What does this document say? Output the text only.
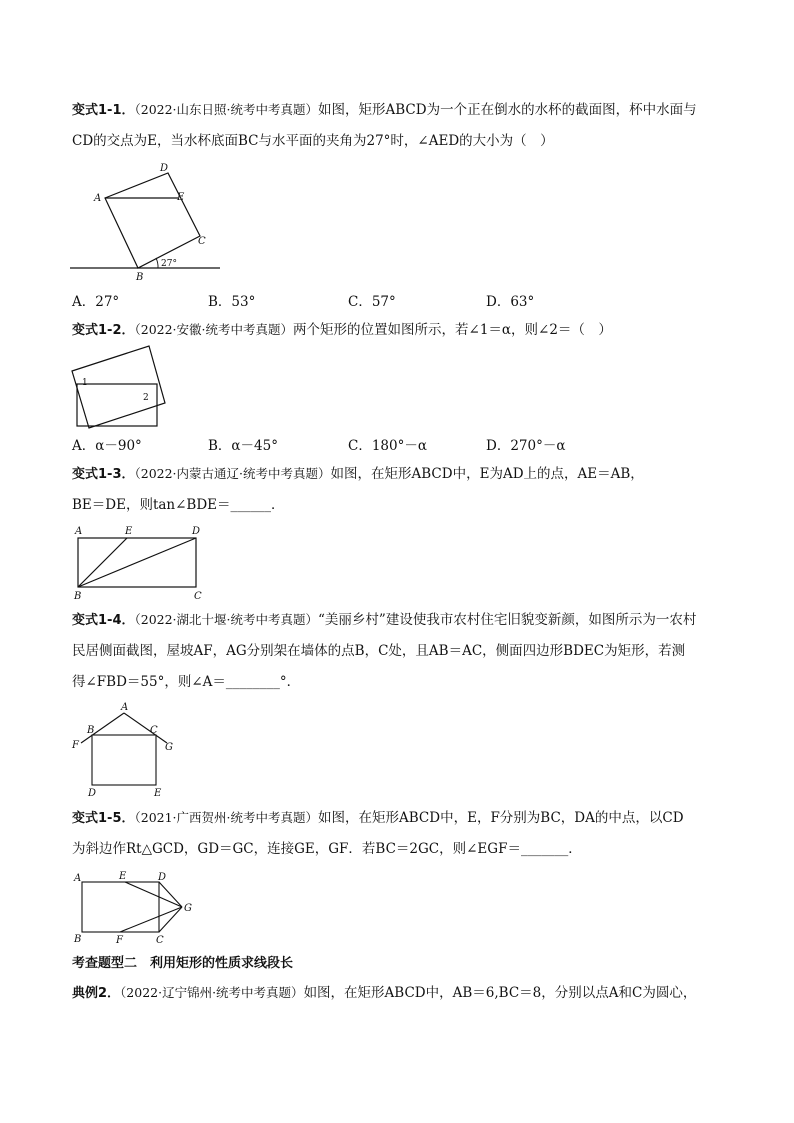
变式1-1．（2022·山东日照·统考中考真题）如图，矩形ABCD为一个正在倒水的水杯的截面图，杯中水面与
CD的交点为E，当水杯底面BC与水平面的夹角为27°时，∠AED的大小为（　）
A
D
E
C
B
27°
A．27°	B．53°	C．57°	D．63°
变式1-2．（2022·安徽·统考中考真题）两个矩形的位置如图所示，若∠1＝α，则∠2＝（　）
1
2
A．α－90°	B．α－45°	C．180°－α	D．270°－α
变式1-3．（2022·内蒙古通辽·统考中考真题）如图，在矩形ABCD中，E为AD上的点，AE＝AB，
BE＝DE，则tan∠BDE＝______．
A	E	D
B	C
变式1-4．（2022·湖北十堰·统考中考真题）“美丽乡村”建设使我市农村住宅旧貌变新颜，如图所示为一农村
民居侧面截图，屋坡AF，AG分别架在墙体的点B，C处，且AB＝AC，侧面四边形BDEC为矩形，若测
得∠FBD＝55°，则∠A＝________°．
A
B	C
F	G
D	E
变式1-5．（2021·广西贺州·统考中考真题）如图，在矩形ABCD中，E，F分别为BC，DA的中点，以CD
为斜边作Rt△GCD，GD＝GC，连接GE，GF．若BC＝2GC，则∠EGF＝_______．
A	E	D
G
B	F	C
考查题型二　利用矩形的性质求线段长
典例2．（2022·辽宁锦州·统考中考真题）如图，在矩形ABCD中，AB＝6,BC＝8，分别以点A和C为圆心，
